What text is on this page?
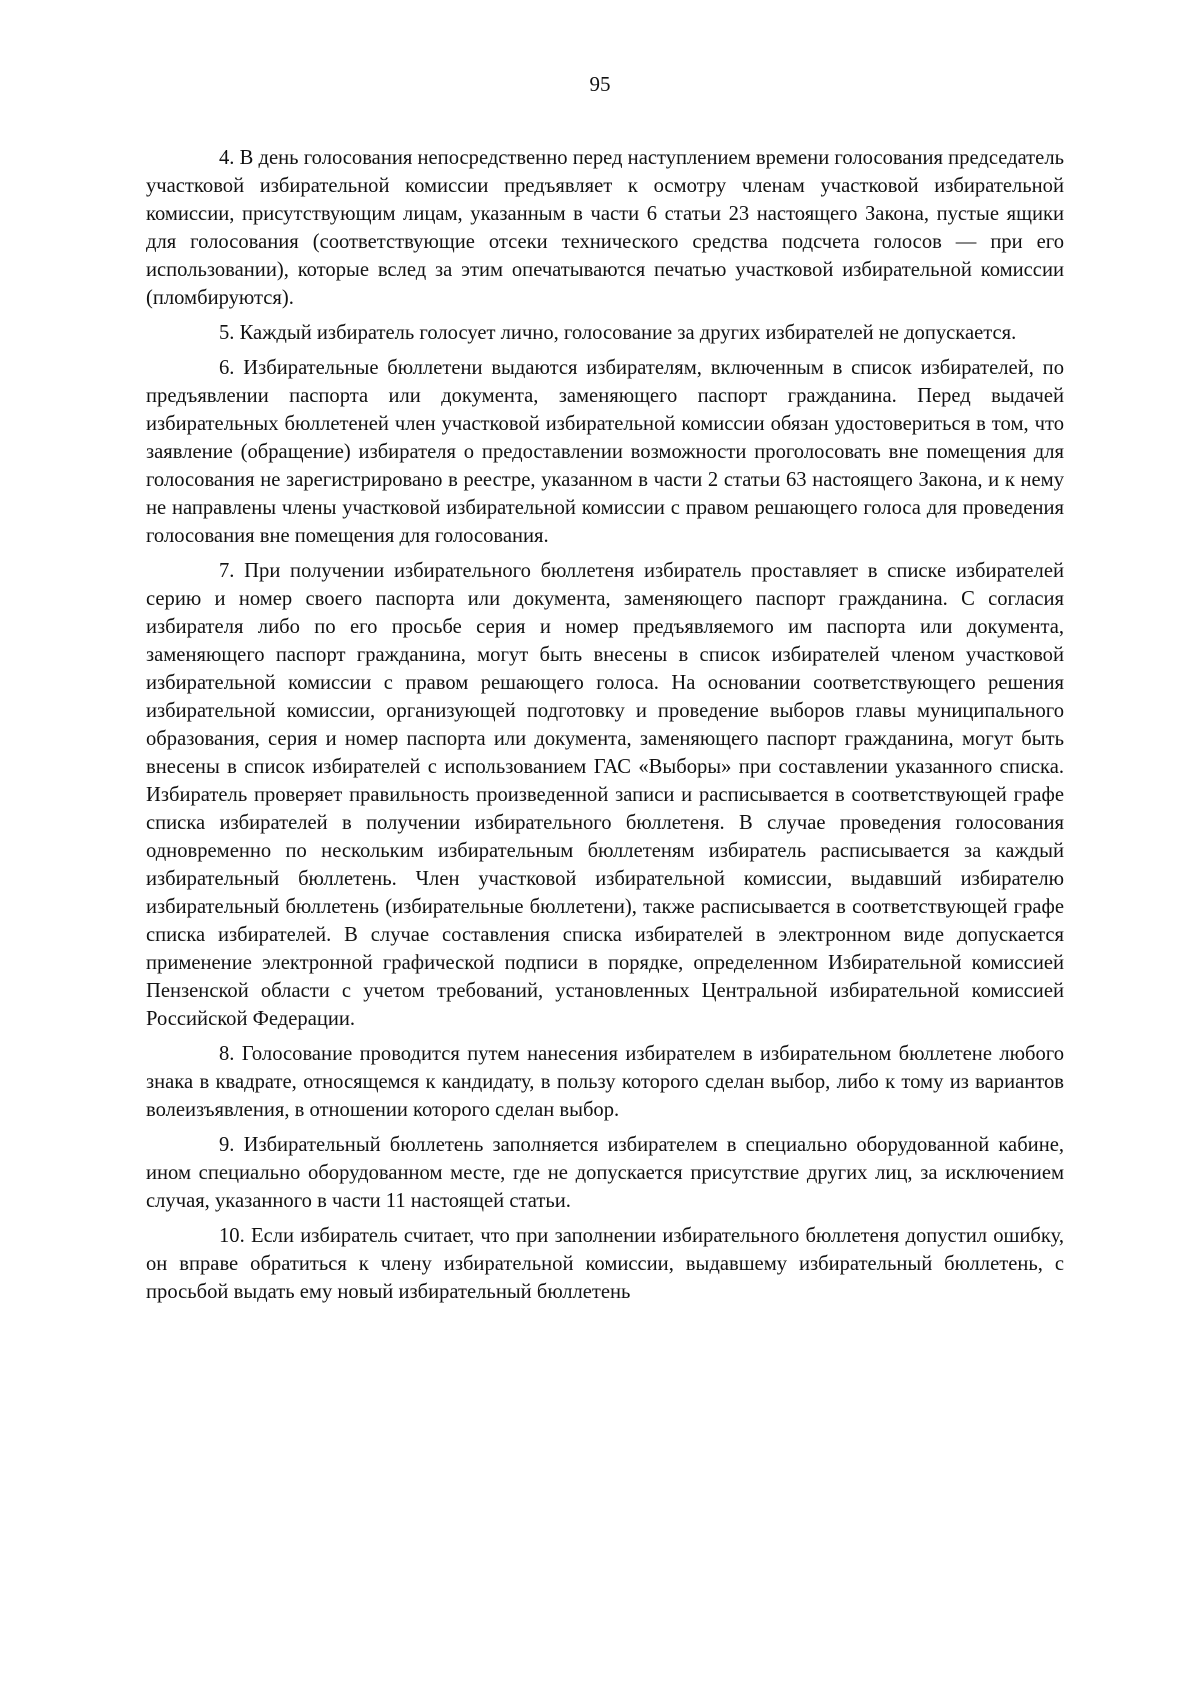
95

4. В день голосования непосредственно перед наступлением времени голосования председатель участковой избирательной комиссии предъявляет к осмотру членам участковой избирательной комиссии, присутствующим лицам, указанным в части 6 статьи 23 настоящего Закона, пустые ящики для голосования (соответствующие отсеки технического средства подсчета голосов — при его использовании), которые вслед за этим опечатываются печатью участковой избирательной комиссии (пломбируются).

5. Каждый избиратель голосует лично, голосование за других избирателей не допускается.

6. Избирательные бюллетени выдаются избирателям, включенным в список избирателей, по предъявлении паспорта или документа, заменяющего паспорт гражданина. Перед выдачей избирательных бюллетеней член участковой избирательной комиссии обязан удостовериться в том, что заявление (обращение) избирателя о предоставлении возможности проголосовать вне помещения для голосования не зарегистрировано в реестре, указанном в части 2 статьи 63 настоящего Закона, и к нему не направлены члены участковой избирательной комиссии с правом решающего голоса для проведения голосования вне помещения для голосования.

7. При получении избирательного бюллетеня избиратель проставляет в списке избирателей серию и номер своего паспорта или документа, заменяющего паспорт гражданина. С согласия избирателя либо по его просьбе серия и номер предъявляемого им паспорта или документа, заменяющего паспорт гражданина, могут быть внесены в список избирателей членом участковой избирательной комиссии с правом решающего голоса. На основании соответствующего решения избирательной комиссии, организующей подготовку и проведение выборов главы муниципального образования, серия и номер паспорта или документа, заменяющего паспорт гражданина, могут быть внесены в список избирателей с использованием ГАС «Выборы» при составлении указанного списка. Избиратель проверяет правильность произведенной записи и расписывается в соответствующей графе списка избирателей в получении избирательного бюллетеня. В случае проведения голосования одновременно по нескольким избирательным бюллетеням избиратель расписывается за каждый избирательный бюллетень. Член участковой избирательной комиссии, выдавший избирателю избирательный бюллетень (избирательные бюллетени), также расписывается в соответствующей графе списка избирателей. В случае составления списка избирателей в электронном виде допускается применение электронной графической подписи в порядке, определенном Избирательной комиссией Пензенской области с учетом требований, установленных Центральной избирательной комиссией Российской Федерации.

8. Голосование проводится путем нанесения избирателем в избирательном бюллетене любого знака в квадрате, относящемся к кандидату, в пользу которого сделан выбор, либо к тому из вариантов волеизъявления, в отношении которого сделан выбор.

9. Избирательный бюллетень заполняется избирателем в специально оборудованной кабине, ином специально оборудованном месте, где не допускается присутствие других лиц, за исключением случая, указанного в части 11 настоящей статьи.

10. Если избиратель считает, что при заполнении избирательного бюллетеня допустил ошибку, он вправе обратиться к члену избирательной комиссии, выдавшему избирательный бюллетень, с просьбой выдать ему новый избирательный бюллетень
